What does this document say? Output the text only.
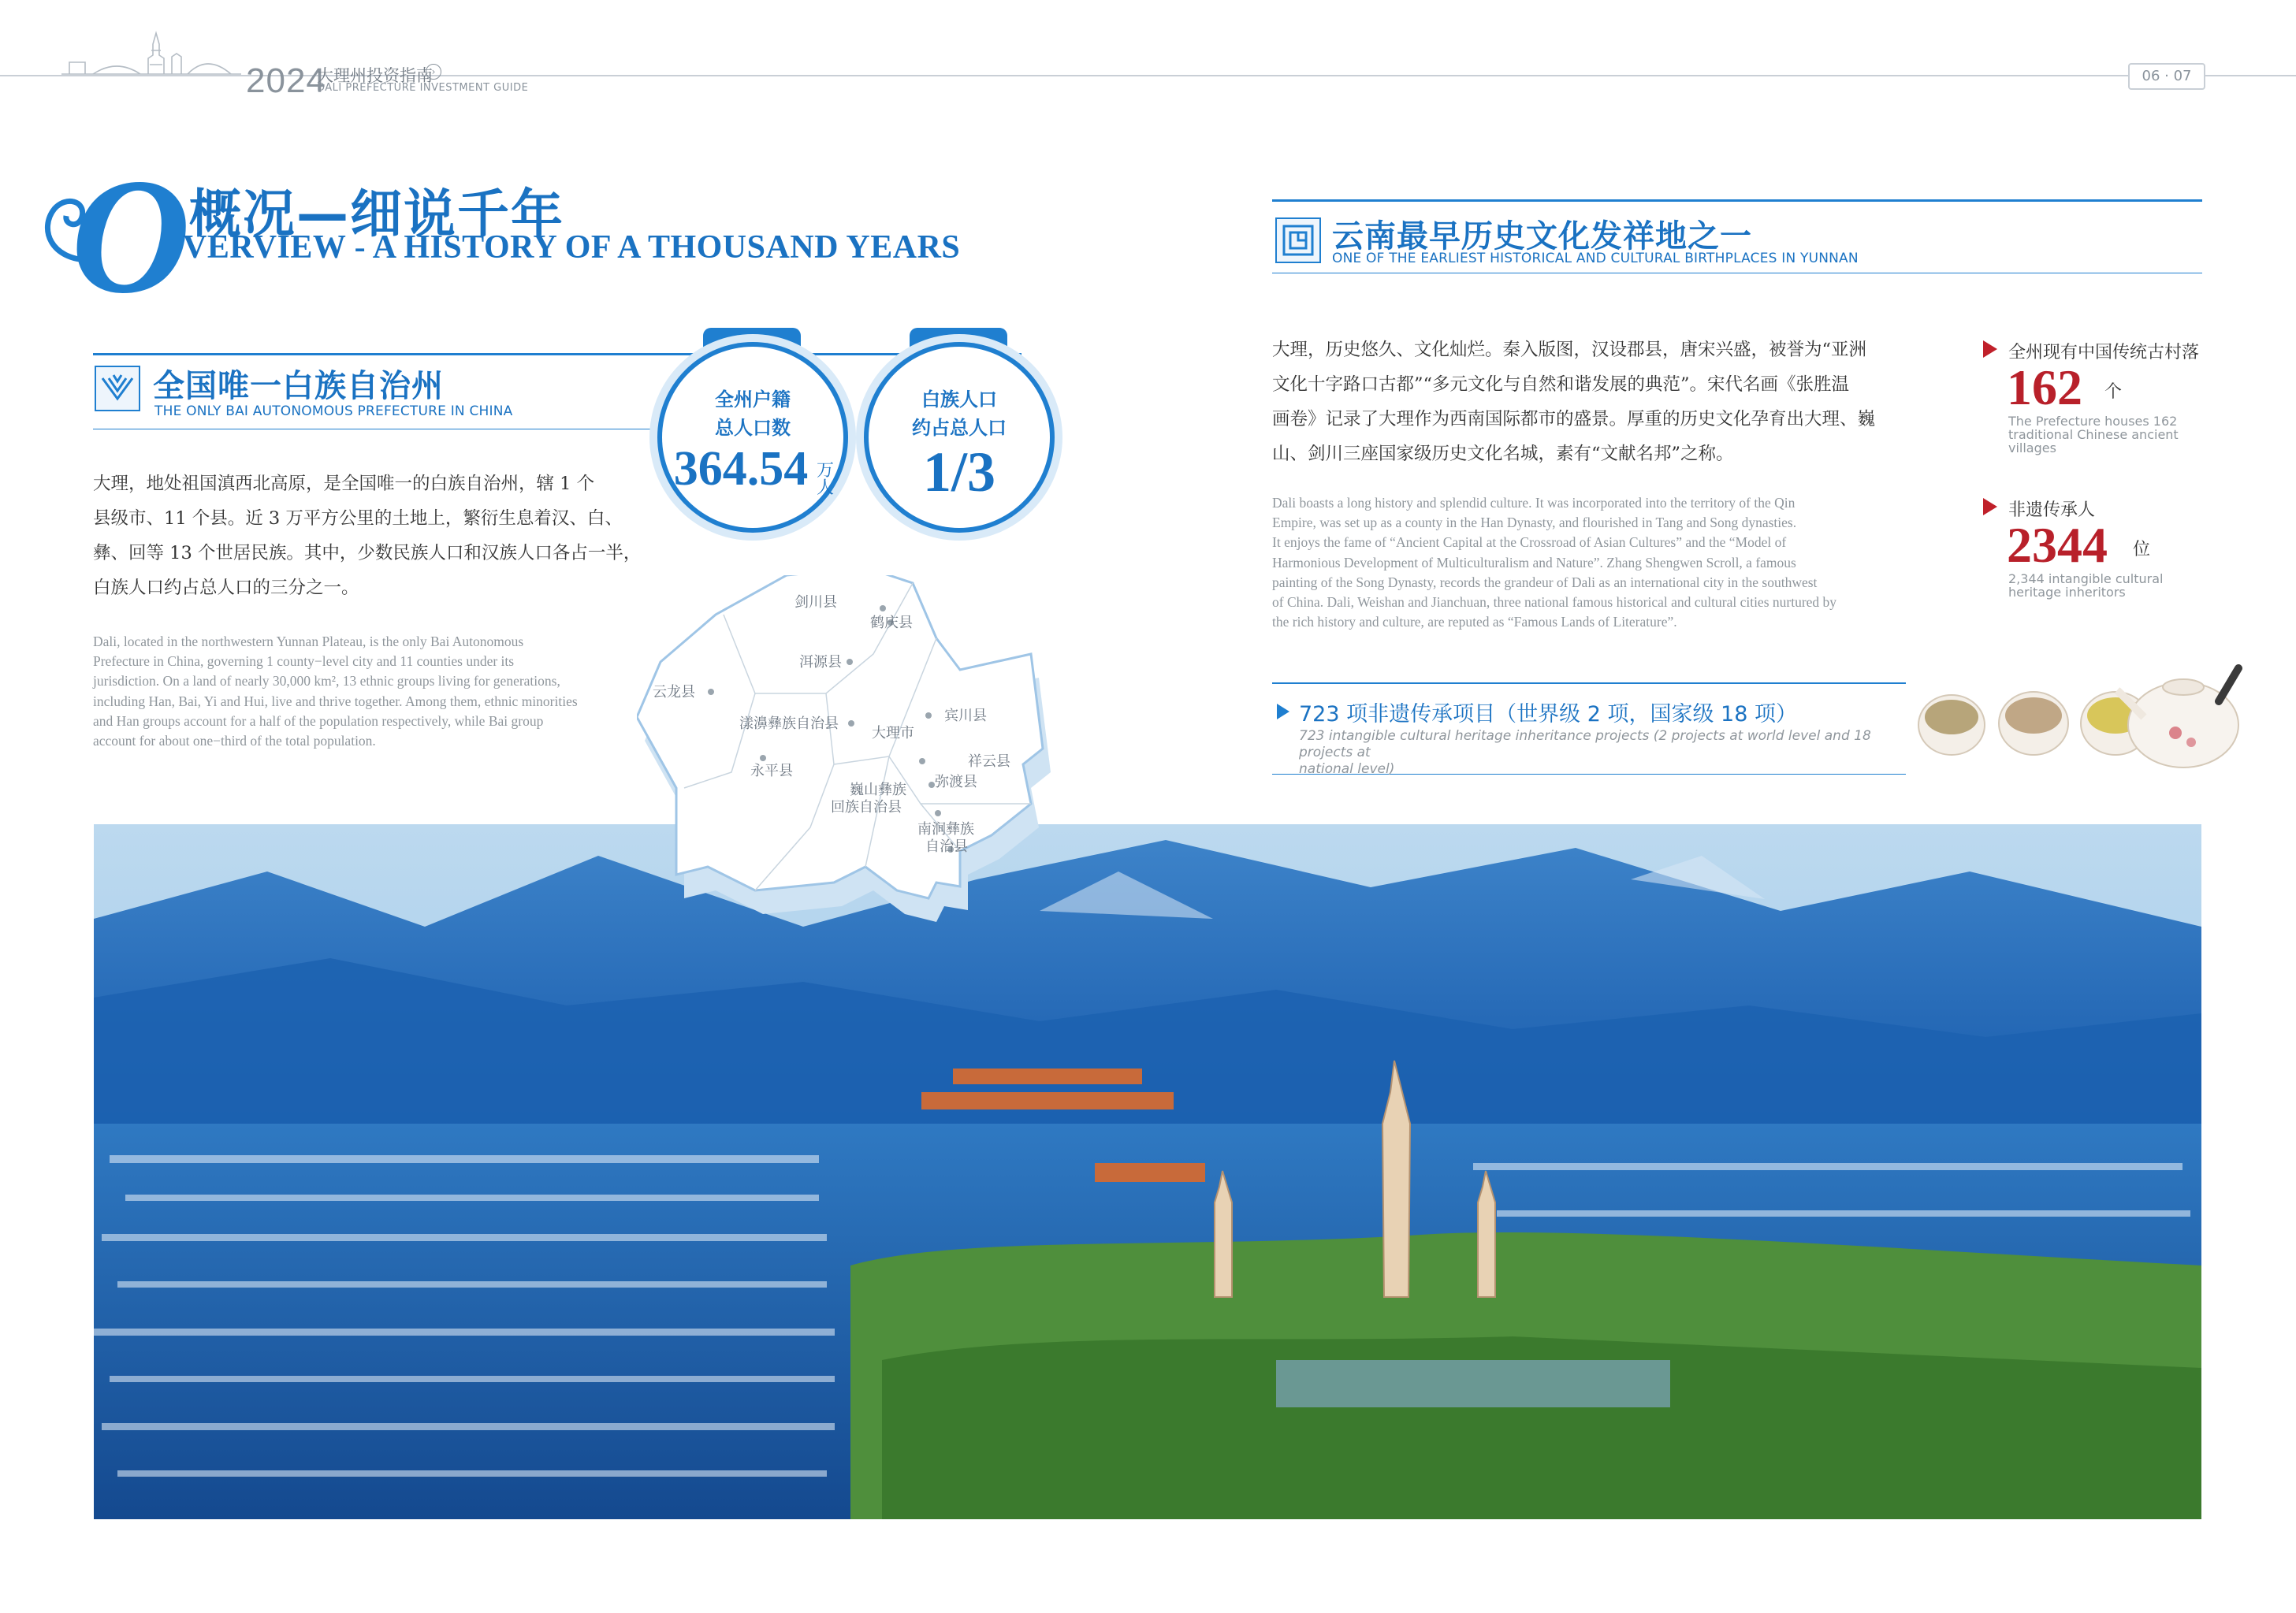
2024
大理州投资指南
›
DALI PREFECTURE INVESTMENT GUIDE
06 · 07
O
概况—细说千年
VERVIEW - A HISTORY OF A THOUSAND YEARS
全国唯一白族自治州
THE ONLY BAI AUTONOMOUS PREFECTURE IN CHINA
大理，地处祖国滇西北高原，是全国唯一的白族自治州，辖 1 个
县级市、11 个县。近 3 万平方公里的土地上，繁衍生息着汉、白、
彝、回等 13 个世居民族。其中，少数民族人口和汉族人口各占一半，
白族人口约占总人口的三分之一。
Dali, located in the northwestern Yunnan Plateau, is the only Bai Autonomous
Prefecture in China, governing 1 county−level city and 11 counties under its
jurisdiction. On a land of nearly 30,000 km², 13 ethnic groups living for generations,
including Han, Bai, Yi and Hui, live and thrive together. Among them, ethnic minorities
and Han groups account for a half of the population respectively, while Bai group
account for about one−third of the total population.
全州户籍
总人口数
364.54 万
人
白族人口
约占总人口
1/3
剑川县
鹤庆县
洱源县
云龙县
漾濞彝族自治县
大理市
宾川县
永平县
祥云县
巍山彝族
回族自治县
弥渡县
南涧彝族
自治县
云南最早历史文化发祥地之一
ONE OF THE EARLIEST HISTORICAL AND CULTURAL BIRTHPLACES IN YUNNAN
大理，历史悠久、文化灿烂。秦入版图，汉设郡县，唐宋兴盛，被誉为“亚洲
文化十字路口古都”“多元文化与自然和谐发展的典范”。宋代名画《张胜温
画卷》记录了大理作为西南国际都市的盛景。厚重的历史文化孕育出大理、巍
山、剑川三座国家级历史文化名城，素有“文献名邦”之称。
Dali boasts a long history and splendid culture. It was incorporated into the territory of the Qin
Empire, was set up as a county in the Han Dynasty, and flourished in Tang and Song dynasties.
It enjoys the fame of “Ancient Capital at the Crossroad of Asian Cultures” and the “Model of
Harmonious Development of Multiculturalism and Nature”. Zhang Shengwen Scroll, a famous
painting of the Song Dynasty, records the grandeur of Dali as an international city in the southwest
of China. Dali, Weishan and Jianchuan, three national famous historical and cultural cities nurtured by
the rich history and culture, are reputed as “Famous Lands of Literature”.
全州现有中国传统古村落
162 个
The Prefecture houses 162
traditional Chinese ancient
villages
非遗传承人
2344 位
2,344 intangible cultural
heritage inheritors
723 项非遗传承项目（世界级 2 项，国家级 18 项）
723 intangible cultural heritage inheritance projects (2 projects at world level and 18 projects at
national level)
